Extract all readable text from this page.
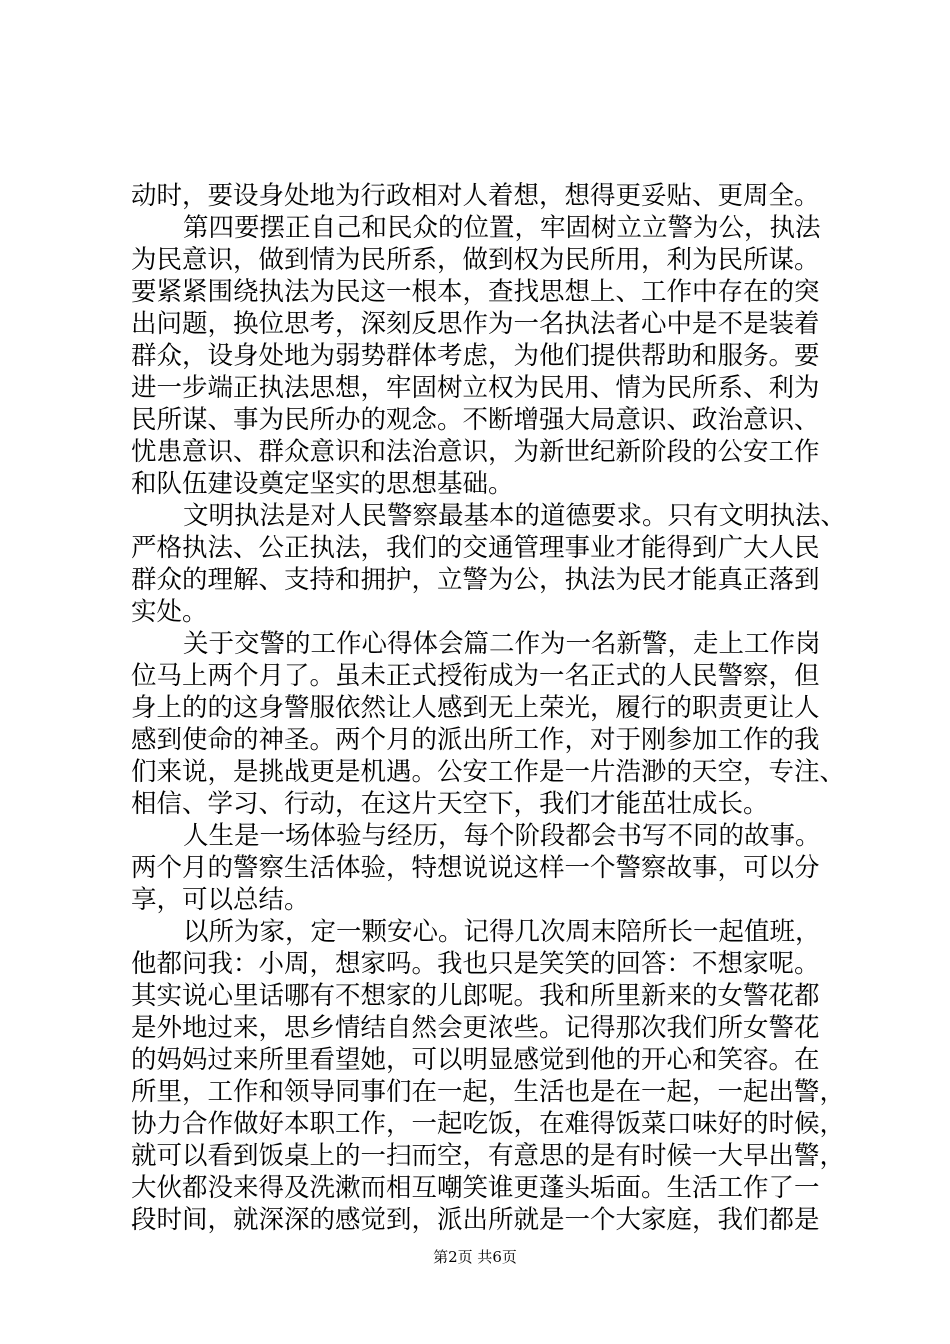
动时，要设身处地为行政相对人着想，想得更妥贴、更周全。
第四要摆正自己和民众的位置，牢固树立立警为公，执法
为民意识，做到情为民所系，做到权为民所用，利为民所谋。
要紧紧围绕执法为民这一根本，查找思想上、工作中存在的突
出问题，换位思考，深刻反思作为一名执法者心中是不是装着
群众，设身处地为弱势群体考虑，为他们提供帮助和服务。要
进一步端正执法思想，牢固树立权为民用、情为民所系、利为
民所谋、事为民所办的观念。不断增强大局意识、政治意识、
忧患意识、群众意识和法治意识，为新世纪新阶段的公安工作
和队伍建设奠定坚实的思想基础。
文明执法是对人民警察最基本的道德要求。只有文明执法、
严格执法、公正执法，我们的交通管理事业才能得到广大人民
群众的理解、支持和拥护，立警为公，执法为民才能真正落到
实处。
关于交警的工作心得体会篇二作为一名新警，走上工作岗
位马上两个月了。虽未正式授衔成为一名正式的人民警察，但
身上的的这身警服依然让人感到无上荣光，履行的职责更让人
感到使命的神圣。两个月的派出所工作，对于刚参加工作的我
们来说，是挑战更是机遇。公安工作是一片浩渺的天空，专注、
相信、学习、行动，在这片天空下，我们才能茁壮成长。
人生是一场体验与经历，每个阶段都会书写不同的故事。
两个月的警察生活体验，特想说说这样一个警察故事，可以分
享，可以总结。
以所为家，定一颗安心。记得几次周末陪所长一起值班，
他都问我：小周，想家吗。我也只是笑笑的回答：不想家呢。
其实说心里话哪有不想家的儿郎呢。我和所里新来的女警花都
是外地过来，思乡情结自然会更浓些。记得那次我们所女警花
的妈妈过来所里看望她，可以明显感觉到他的开心和笑容。在
所里，工作和领导同事们在一起，生活也是在一起，一起出警，
协力合作做好本职工作，一起吃饭，在难得饭菜口味好的时候，
就可以看到饭桌上的一扫而空，有意思的是有时候一大早出警，
大伙都没来得及洗漱而相互嘲笑谁更蓬头垢面。生活工作了一
段时间，就深深的感觉到，派出所就是一个大家庭，我们都是
第2页 共6页
